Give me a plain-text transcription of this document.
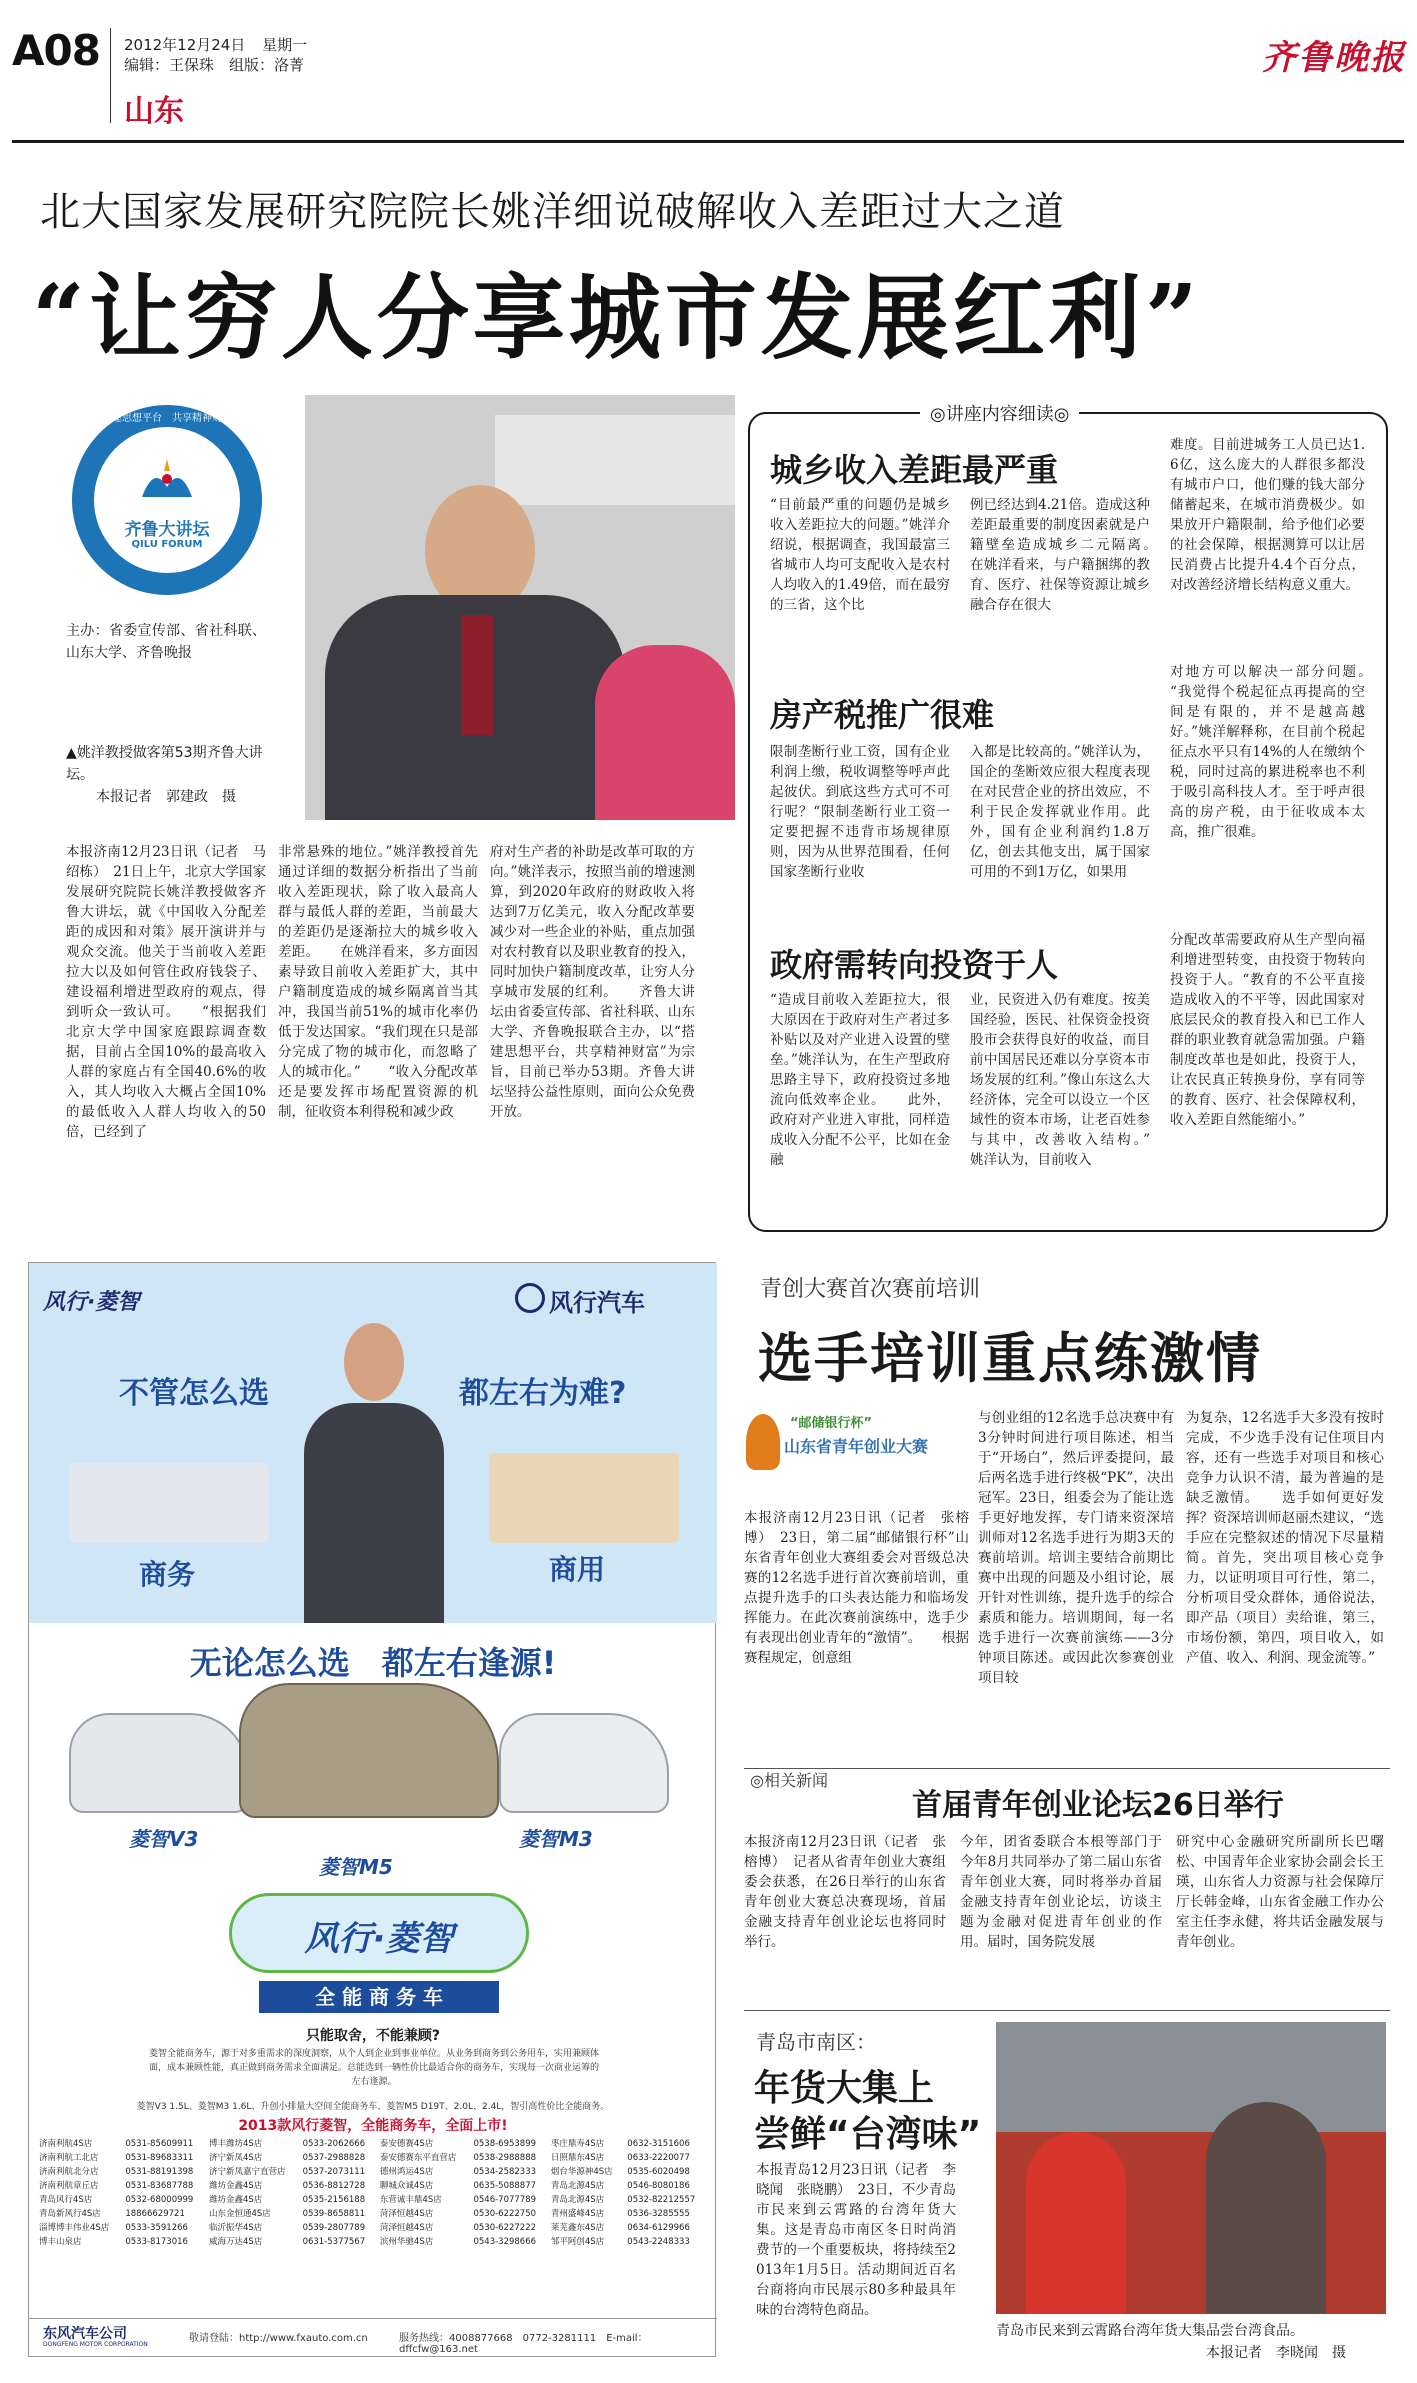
A08 2012年12月24日 星期一
编辑：王保珠　组版：洛菁
山东
齐鲁晚报
北大国家发展研究院院长姚洋细说破解收入差距过大之道
“让穷人分享城市发展红利”
齐鲁大讲坛
QILU FORUM
搭建思想平台　共享精神财富
主办：省委宣传部、省社科联、山东大学、齐鲁晚报
▲姚洋教授做客第53期齐鲁大讲坛。
本报记者　郭建政　摄
本报济南12月23日讯（记者　马绍栋）　21日上午，北京大学国家发展研究院院长姚洋教授做客齐鲁大讲坛，就《中国收入分配差距的成因和对策》展开演讲并与观众交流。他关于当前收入差距拉大以及如何管住政府钱袋子、建设福利增进型政府的观点，得到听众一致认可。　　“根据我们北京大学中国家庭跟踪调查数据，目前占全国10%的最高收入人群的家庭占有全国40.6%的收入，其人均收入大概占全国10%的最低收入人群人均收入的50倍，已经到了
非常悬殊的地位。”姚洋教授首先通过详细的数据分析指出了当前收入差距现状，除了收入最高人群与最低人群的差距，当前最大的差距仍是逐渐拉大的城乡收入差距。　　在姚洋看来，多方面因素导致目前收入差距扩大，其中户籍制度造成的城乡隔离首当其冲，我国当前51%的城市化率仍低于发达国家。“我们现在只是部分完成了物的城市化，而忽略了人的城市化。”　　“收入分配改革还是要发挥市场配置资源的机制，征收资本利得税和减少政
府对生产者的补助是改革可取的方向。”姚洋表示，按照当前的增速测算，到2020年政府的财政收入将达到7万亿美元，收入分配改革要减少对一些企业的补贴，重点加强对农村教育以及职业教育的投入，同时加快户籍制度改革，让穷人分享城市发展的红利。　　齐鲁大讲坛由省委宣传部、省社科联、山东大学、齐鲁晚报联合主办，以“搭建思想平台，共享精神财富”为宗旨，目前已举办53期。齐鲁大讲坛坚持公益性原则，面向公众免费开放。
◎讲座内容细读◎
城乡收入差距最严重
“目前最严重的问题仍是城乡收入差距拉大的问题。”姚洋介绍说，根据调查，我国最富三省城市人均可支配收入是农村人均收入的1.49倍，而在最穷的三省，这个比
例已经达到4.21倍。造成这种差距最重要的制度因素就是户籍壁垒造成城乡二元隔离。　　在姚洋看来，与户籍捆绑的教育、医疗、社保等资源让城乡融合存在很大
难度。目前进城务工人员已达1.6亿，这么庞大的人群很多都没有城市户口，他们赚的钱大部分储蓄起来，在城市消费极少。如果放开户籍限制，给予他们必要的社会保障，根据测算可以让居民消费占比提升4.4个百分点，对改善经济增长结构意义重大。
房产税推广很难
限制垄断行业工资，国有企业利润上缴，税收调整等呼声此起彼伏。到底这些方式可不可行呢？“限制垄断行业工资一定要把握不违背市场规律原则，因为从世界范围看，任何国家垄断行业收
入都是比较高的。”姚洋认为，国企的垄断效应很大程度表现在对民营企业的挤出效应，不利于民企发挥就业作用。此外，国有企业利润约1.8万亿，创去其他支出，属于国家可用的不到1万亿，如果用
对地方可以解决一部分问题。　　“我觉得个税起征点再提高的空间是有限的，并不是越高越好。”姚洋解释称，在目前个税起征点水平只有14%的人在缴纳个税，同时过高的累进税率也不利于吸引高科技人才。至于呼声很高的房产税，由于征收成本太高，推广很难。
政府需转向投资于人
“造成目前收入差距拉大，很大原因在于政府对生产者过多补贴以及对产业进入设置的壁垒。”姚洋认为，在生产型政府思路主导下，政府投资过多地流向低效率企业。　　此外，政府对产业进入审批，同样造成收入分配不公平，比如在金融
业，民资进入仍有难度。按美国经验，医民、社保资金投资股市会获得良好的收益，而目前中国居民还难以分享资本市场发展的红利。”像山东这么大经济体，完全可以设立一个区域性的资本市场，让老百姓参与其中，改善收入结构。”　　姚洋认为，目前收入
分配改革需要政府从生产型向福利增进型转变，由投资于物转向投资于人。“教育的不公平直接造成收入的不平等，因此国家对底层民众的教育投入和已工作人群的职业教育就急需加强。户籍制度改革也是如此，投资于人，让农民真正转换身份，享有同等的教育、医疗、社会保障权利，收入差距自然能缩小。”
风行·菱智	风行汽车
不管怎么选	都左右为难?
商务	商用
无论怎么选　都左右逢源!
菱智V3
菱智M5
菱智M3
风行·菱智
全 能 商 务 车
只能取舍，不能兼顾?
菱智全能商务车，源于对多重需求的深度洞察，从个人到企业到事业单位。从业务到商务到公务用车，实用兼顾体面，成本兼顾性能，真正做到商务需求全面满足。总能选到一辆性价比最适合你的商务车，实现每一次商业运筹的左右逢源。
菱智V3 1.5L、菱智M3 1.6L、升创小排量大空间全能商务车、菱智M5 D19T、2.0L、2.4L，智引高性价比全能商务。
2013款风行菱智，全能商务车，全面上市!
济南利航4S店	0531-85609911	博丰潍坊4S店	0533-2062666	泰安德赛4S店	0538-6953899	枣庄鼎寿4S店	0632-3151606
济南利航工北店	0531-89683311	济宁新凤4S店	0537-2988828	泰安德赛东平直营店	0538-2988888	日照鼎东4S店	0633-2220077
济南利航北分店	0531-88191398	济宁新凤嘉宁直营店	0537-2073111	德州鸿运4S店	0534-2582333	烟台华源神4S店	0535-6020498
济南利航章丘店	0531-83687788	潍坊金鑫4S店	0536-8812728	聊城众诚4S店	0635-5088877	青岛北源4S店	0546-8080186
青岛风行4S店	0532-68000999	潍坊金鑫4S店	0535-2156188	东营诚丰鼎4S店	0546-7077789	青岛北源4S店	0532-82212557
青岛新风行4S店	18866629721	山东金恒通4S店	0539-8658811	菏泽恒越4S店	0530-6222750	青州盛峰4S店	0536-3285555
淄博博丰伟业4S店	0533-3591266	临沂振华4S店	0539-2807789	菏泽恒越4S店	0530-6227222	莱芜鑫东4S店	0634-6129966
博丰山泉店	0533-8173016	威海万达4S店	0631-5377567	滨州华驰4S店	0543-3298666	邹平阿创4S店	0543-2248333
东风汽车公司
DONGFENG MOTOR CORPORATION
敬请登陆：http://www.fxauto.com.cn	服务热线：4008877668　0772-3281111　E-mail：dffcfw@163.net
青创大赛首次赛前培训
选手培训重点练激情
“邮储银行杯”
山东省青年创业大赛
本报济南12月23日讯（记者　张榕博）　23日，第二届“邮储银行杯”山东省青年创业大赛组委会对晋级总决赛的12名选手进行首次赛前培训，重点提升选手的口头表达能力和临场发挥能力。在此次赛前演练中，选手少有表现出创业青年的“激情”。　　根据赛程规定，创意组
与创业组的12名选手总决赛中有3分钟时间进行项目陈述，相当于“开场白”，然后评委提问，最后两名选手进行终极“PK”，决出冠军。23日，组委会为了能让选手更好地发挥，专门请来资深培训师对12名选手进行为期3天的赛前培训。培训主要结合前期比赛中出现的问题及小组讨论，展开针对性训练，提升选手的综合素质和能力。培训期间，每一名选手进行一次赛前演练——3分钟项目陈述。或因此次参赛创业项目较
为复杂，12名选手大多没有按时完成，不少选手没有记住项目内容，还有一些选手对项目和核心竞争力认识不清，最为普遍的是缺乏激情。　　选手如何更好发挥？资深培训师赵丽杰建议，“选手应在完整叙述的情况下尽量精简。首先，突出项目核心竞争力，以证明项目可行性，第二，分析项目受众群体，通俗说法，即产品（项目）卖给谁，第三，市场份额，第四，项目收入，如产值、收入、利润、现金流等。”
◎相关新闻
首届青年创业论坛26日举行
本报济南12月23日讯（记者　张榕博）　记者从省青年创业大赛组委会获悉，在26日举行的山东省青年创业大赛总决赛现场，首届金融支持青年创业论坛也将同时举行。
今年，团省委联合本根等部门于今年8月共同举办了第二届山东省青年创业大赛，同时将举办首届金融支持青年创业论坛，访谈主题为金融对促进青年创业的作用。届时，国务院发展
研究中心金融研究所副所长巴曙松、中国青年企业家协会副会长王瑛，山东省人力资源与社会保障厅厅长韩金峰，山东省金融工作办公室主任李永健，将共话金融发展与青年创业。
青岛市南区：
年货大集上
尝鲜“台湾味”
本报青岛12月23日讯（记者　李晓闻　张晓鹏）　23日，不少青岛市民来到云霄路的台湾年货大集。这是青岛市南区冬日时尚消费节的一个重要板块，将持续至2013年1月5日。活动期间近百名台商将向市民展示80多种最具年味的台湾特色商品。
青岛市民来到云霄路台湾年货大集品尝台湾食品。
本报记者　李晓闻　摄
